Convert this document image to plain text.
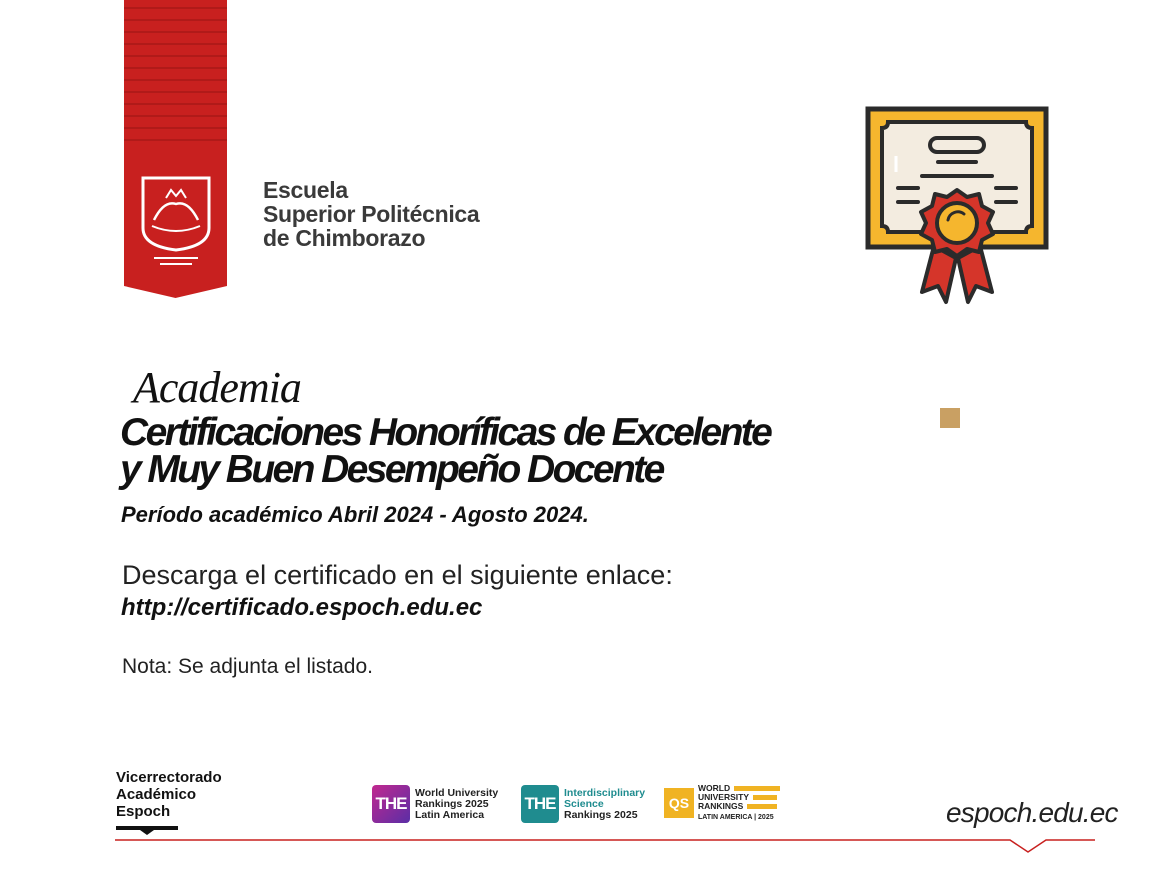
Escuela
Superior Politécnica
de Chimborazo
Academia
Certificaciones Honoríficas de Excelente
y Muy Buen Desempeño Docente
Período académico Abril 2024 - Agosto 2024.
Descarga el certificado en el siguiente enlace:
http://certificado.espoch.edu.ec
Nota: Se adjunta el listado.
Vicerrectorado
Académico
Espoch	THE
World University
Rankings 2025
Latin America
THE
Interdisciplinary
Science
Rankings 2025
QS
WORLD
UNIVERSITY
RANKINGS
LATIN AMERICA | 2025	espoch.edu.ec
